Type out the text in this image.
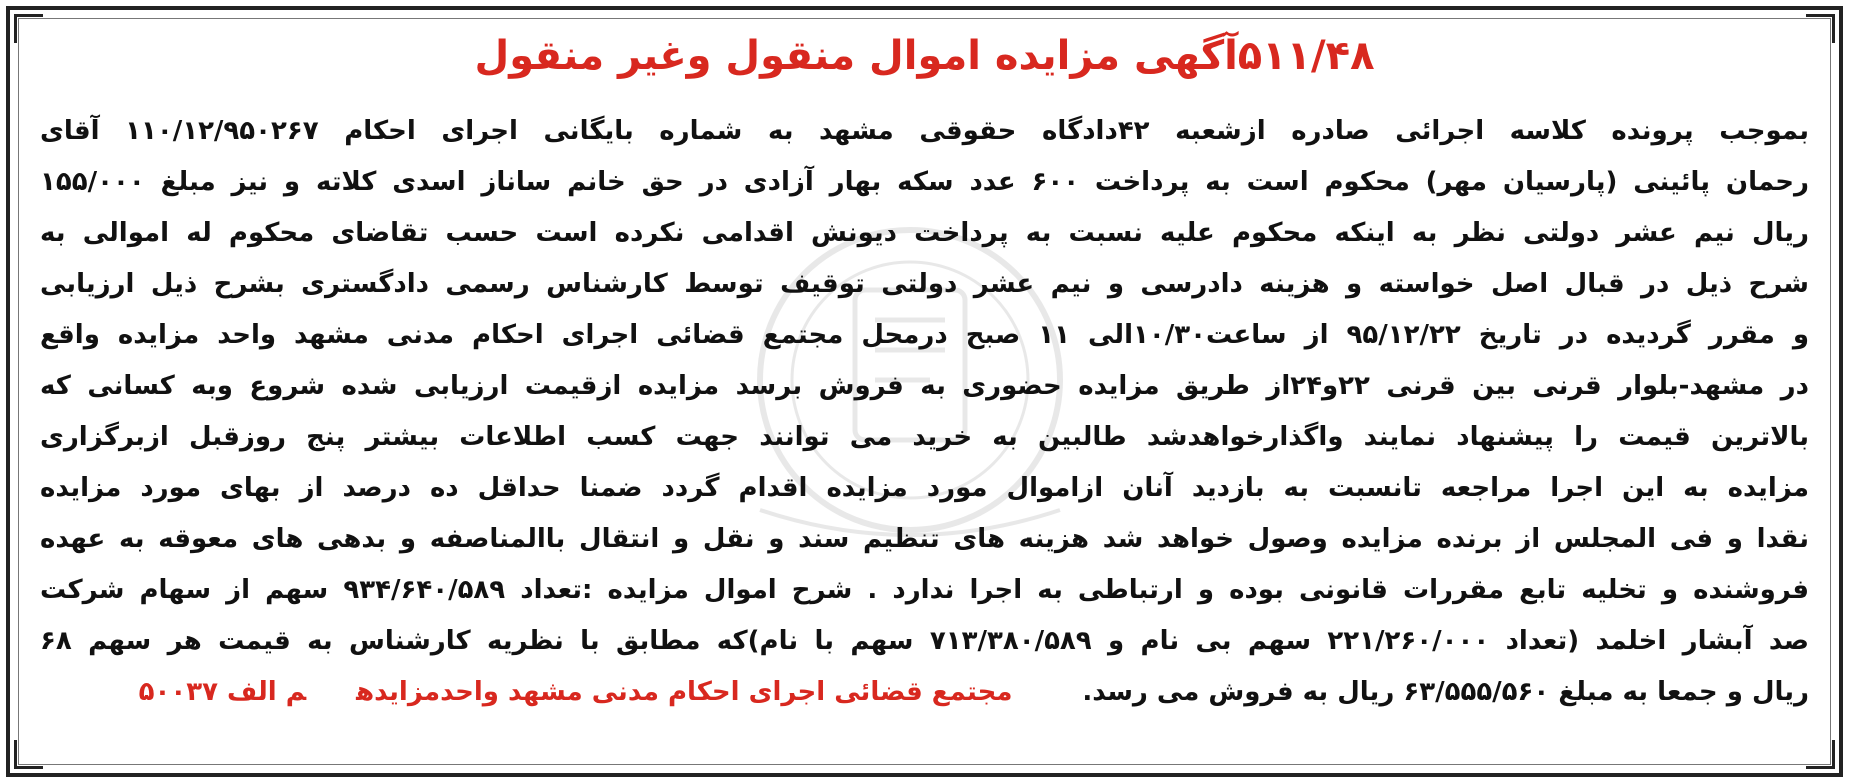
۵۱۱/۴۸آگهی مزایده اموال منقول وغیر منقول
بموجب پرونده کلاسه اجرائی صادره ازشعبه ۴۲دادگاه حقوقی مشهد به شماره بایگانی اجرای احکام ۱۱۰/۱۲/۹۵۰۲۶۷ آقای
رحمان پائینی (پارسیان مهر) محکوم است به پرداخت ۶۰۰ عدد سکه بهار آزادی در حق خانم ساناز اسدی کلاته و نیز مبلغ ۱۵۵/۰۰۰
ریال نیم عشر دولتی نظر به اینکه محکوم علیه نسبت به پرداخت دیونش اقدامی نکرده است حسب تقاضای محکوم له اموالی به
شرح ذیل در قبال اصل خواسته و هزینه دادرسی و نیم عشر دولتی توقیف توسط کارشناس رسمی دادگستری بشرح ذیل ارزیابی
و مقرر گردیده در تاریخ ۹۵/۱۲/۲۲ از ساعت۱۰/۳۰الی ۱۱ صبح درمحل مجتمع قضائی اجرای احکام مدنی مشهد واحد مزایده واقع
در مشهد-بلوار قرنی بین قرنی ۲۲و۲۴از طریق مزایده حضوری به فروش برسد مزایده ازقیمت ارزیابی شده شروع وبه کسانی که
بالاترین قیمت را پیشنهاد نمایند واگذارخواهدشد طالبین به خرید می توانند جهت کسب اطلاعات بیشتر پنج روزقبل ازبرگزاری
مزایده به این اجرا مراجعه تانسبت به بازدید آنان ازاموال مورد مزایده اقدام گردد ضمنا حداقل ده درصد از بهای مورد مزایده
نقدا و فی المجلس از برنده مزایده وصول خواهد شد هزینه های تنظیم سند و نقل و انتقال باالمناصفه و بدهی های معوقه به عهده
فروشنده و تخلیه تابع مقررات قانونی بوده و ارتباطی به اجرا ندارد . شرح اموال مزایده :تعداد ۹۳۴/۶۴۰/۵۸۹ سهم از سهام شرکت
صد آبشار اخلمد (تعداد ۲۲۱/۲۶۰/۰۰۰ سهم بی نام و ۷۱۳/۳۸۰/۵۸۹ سهم با نام)که مطابق با نظریه کارشناس به قیمت هر سهم ۶۸
ریال و جمعا به مبلغ ۶۳/۵۵۵/۵۶۰ ریال به فروش می رسد.مجتمع قضائی اجرای احکام مدنی مشهد واحدمزایدهم الف ۵۰۰۳۷
